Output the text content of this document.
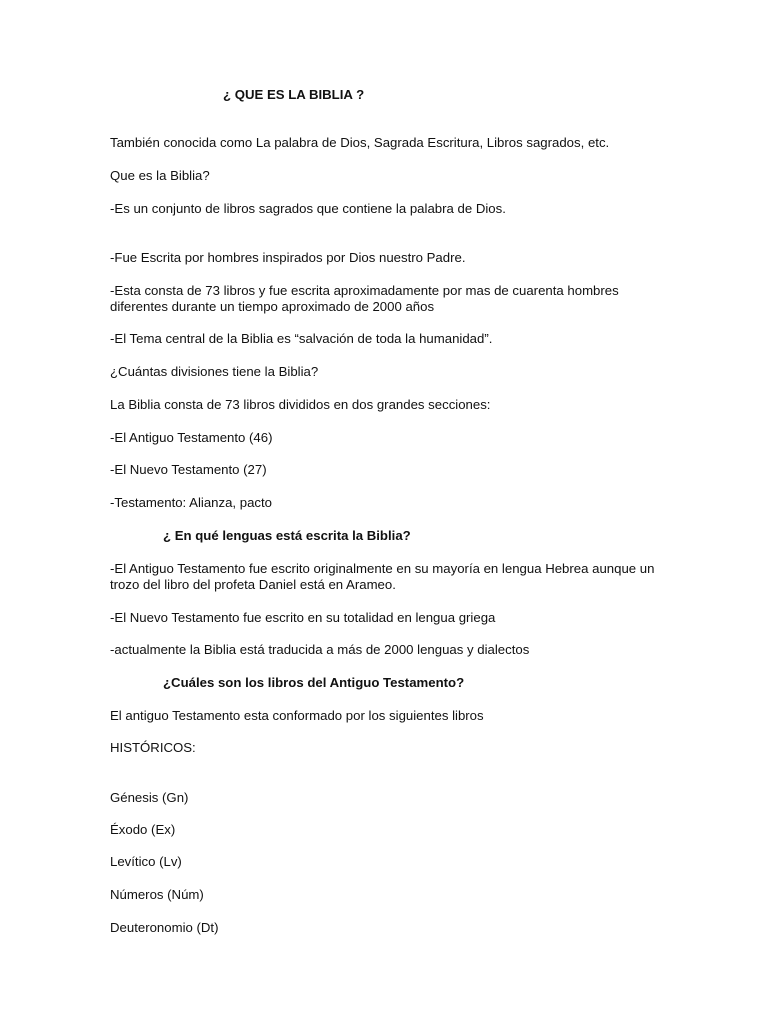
¿ QUE ES LA BIBLIA ?

También conocida como La palabra de Dios, Sagrada Escritura, Libros sagrados, etc.

Que es la Biblia?

-Es un conjunto de libros sagrados que contiene la palabra de Dios.

-Fue Escrita por hombres inspirados por Dios nuestro Padre.

-Esta consta de 73 libros y fue escrita aproximadamente por mas de cuarenta hombres

diferentes durante un tiempo aproximado de 2000 años

-El Tema central de la Biblia es “salvación de toda la humanidad”.

¿Cuántas divisiones tiene la Biblia?

La Biblia consta de 73 libros divididos en dos grandes secciones:

-El Antiguo Testamento (46)

-El Nuevo Testamento (27)

-Testamento: Alianza, pacto

¿ En qué lenguas está escrita la Biblia?

-El Antiguo Testamento fue escrito originalmente en su mayoría en lengua Hebrea aunque un

trozo del libro del profeta Daniel está en Arameo.

-El Nuevo Testamento fue escrito en su totalidad en lengua griega

-actualmente la Biblia está traducida a más de 2000 lenguas y dialectos

¿Cuáles son los libros del Antiguo Testamento?

El antiguo Testamento esta conformado por los siguientes libros

HISTÓRICOS:

Génesis (Gn)

Éxodo (Ex)

Levítico (Lv)

Números (Núm)

Deuteronomio (Dt)
